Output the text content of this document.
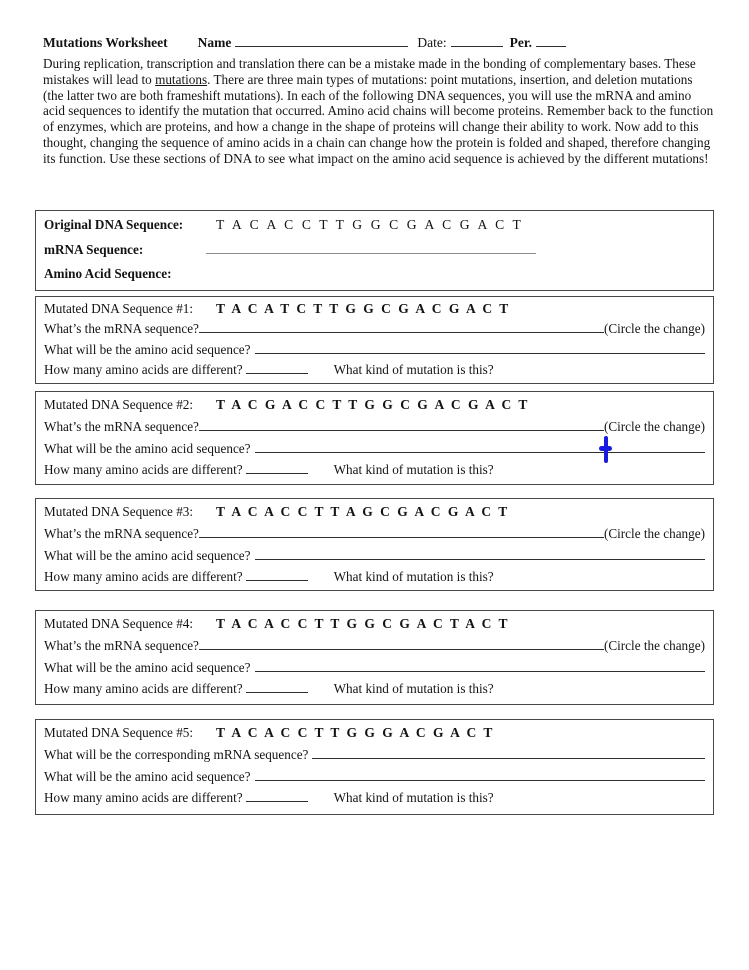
Mutations Worksheet Name	Date:	Per.

During replication, transcription and translation there can be a mistake made in the bonding of complementary bases. These mistakes will lead to mutations. There are three main types of mutations: point mutations, insertion, and deletion mutations (the latter two are both frameshift mutations). In each of the following DNA sequences, you will use the mRNA and amino acid sequences to identify the mutation that occurred. Amino acid chains will become proteins. Remember back to the function of enzymes, which are proteins, and how a change in the shape of proteins will change their ability to work. Now add to this thought, changing the sequence of amino acids in a chain can change how the protein is folded and shaped, therefore changing its function. Use these sections of DNA to see what impact on the amino acid sequence is achieved by the different mutations!

Original DNA Sequence: T A C A C C T T G G C G A C G A C T
mRNA Sequence:
Amino Acid Sequence:
Mutated DNA Sequence #1: T A C A T C T T G G C G A C G A C T
What’s the mRNA sequence?	(Circle the change)
What will be the amino acid sequence?
How many amino acids are different?	What kind of mutation is this?
Mutated DNA Sequence #2: T A C G A C C T T G G C G A C G A C T
What’s the mRNA sequence?	(Circle the change)
What will be the amino acid sequence?
How many amino acids are different?	What kind of mutation is this?
Mutated DNA Sequence #3: T A C A C C T T A G C G A C G A C T
What’s the mRNA sequence?	(Circle the change)
What will be the amino acid sequence?
How many amino acids are different?	What kind of mutation is this?
Mutated DNA Sequence #4: T A C A C C T T G G C G A C T A C T
What’s the mRNA sequence?	(Circle the change)
What will be the amino acid sequence?
How many amino acids are different?	What kind of mutation is this?
Mutated DNA Sequence #5: T A C A C C T T G G G A C G A C T
What will be the corresponding mRNA sequence?
What will be the amino acid sequence?
How many amino acids are different?	What kind of mutation is this?
